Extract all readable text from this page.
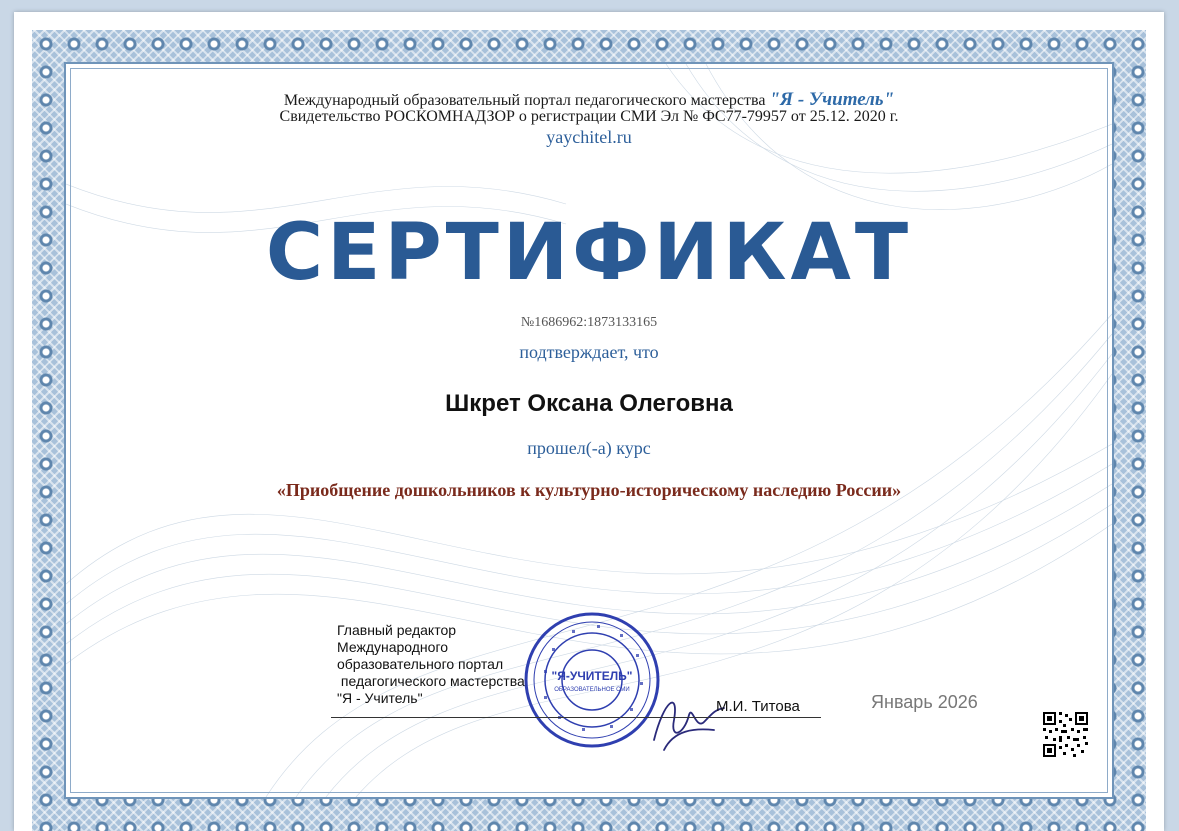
Международный образовательный портал педагогического мастерства "Я - Учитель"
Свидетельство РОСКОМНАДЗОР о регистрации СМИ Эл № ФС77-79957 от 25.12. 2020 г.
yaychitel.ru
СЕРТИФИКАТ
№1686962:1873133165
подтверждает, что
Шкрет Оксана Олеговна
прошел(-а) курс
«Приобщение дошкольников к культурно-историческому наследию России»
Главный редактор
Международного
образовательного портал
педагогического мастерства
"Я - Учитель"
"Я-УЧИТЕЛЬ"
ОБРАЗОВАТЕЛЬНОЕ СМИ
М.И. Титова	Январь 2026
